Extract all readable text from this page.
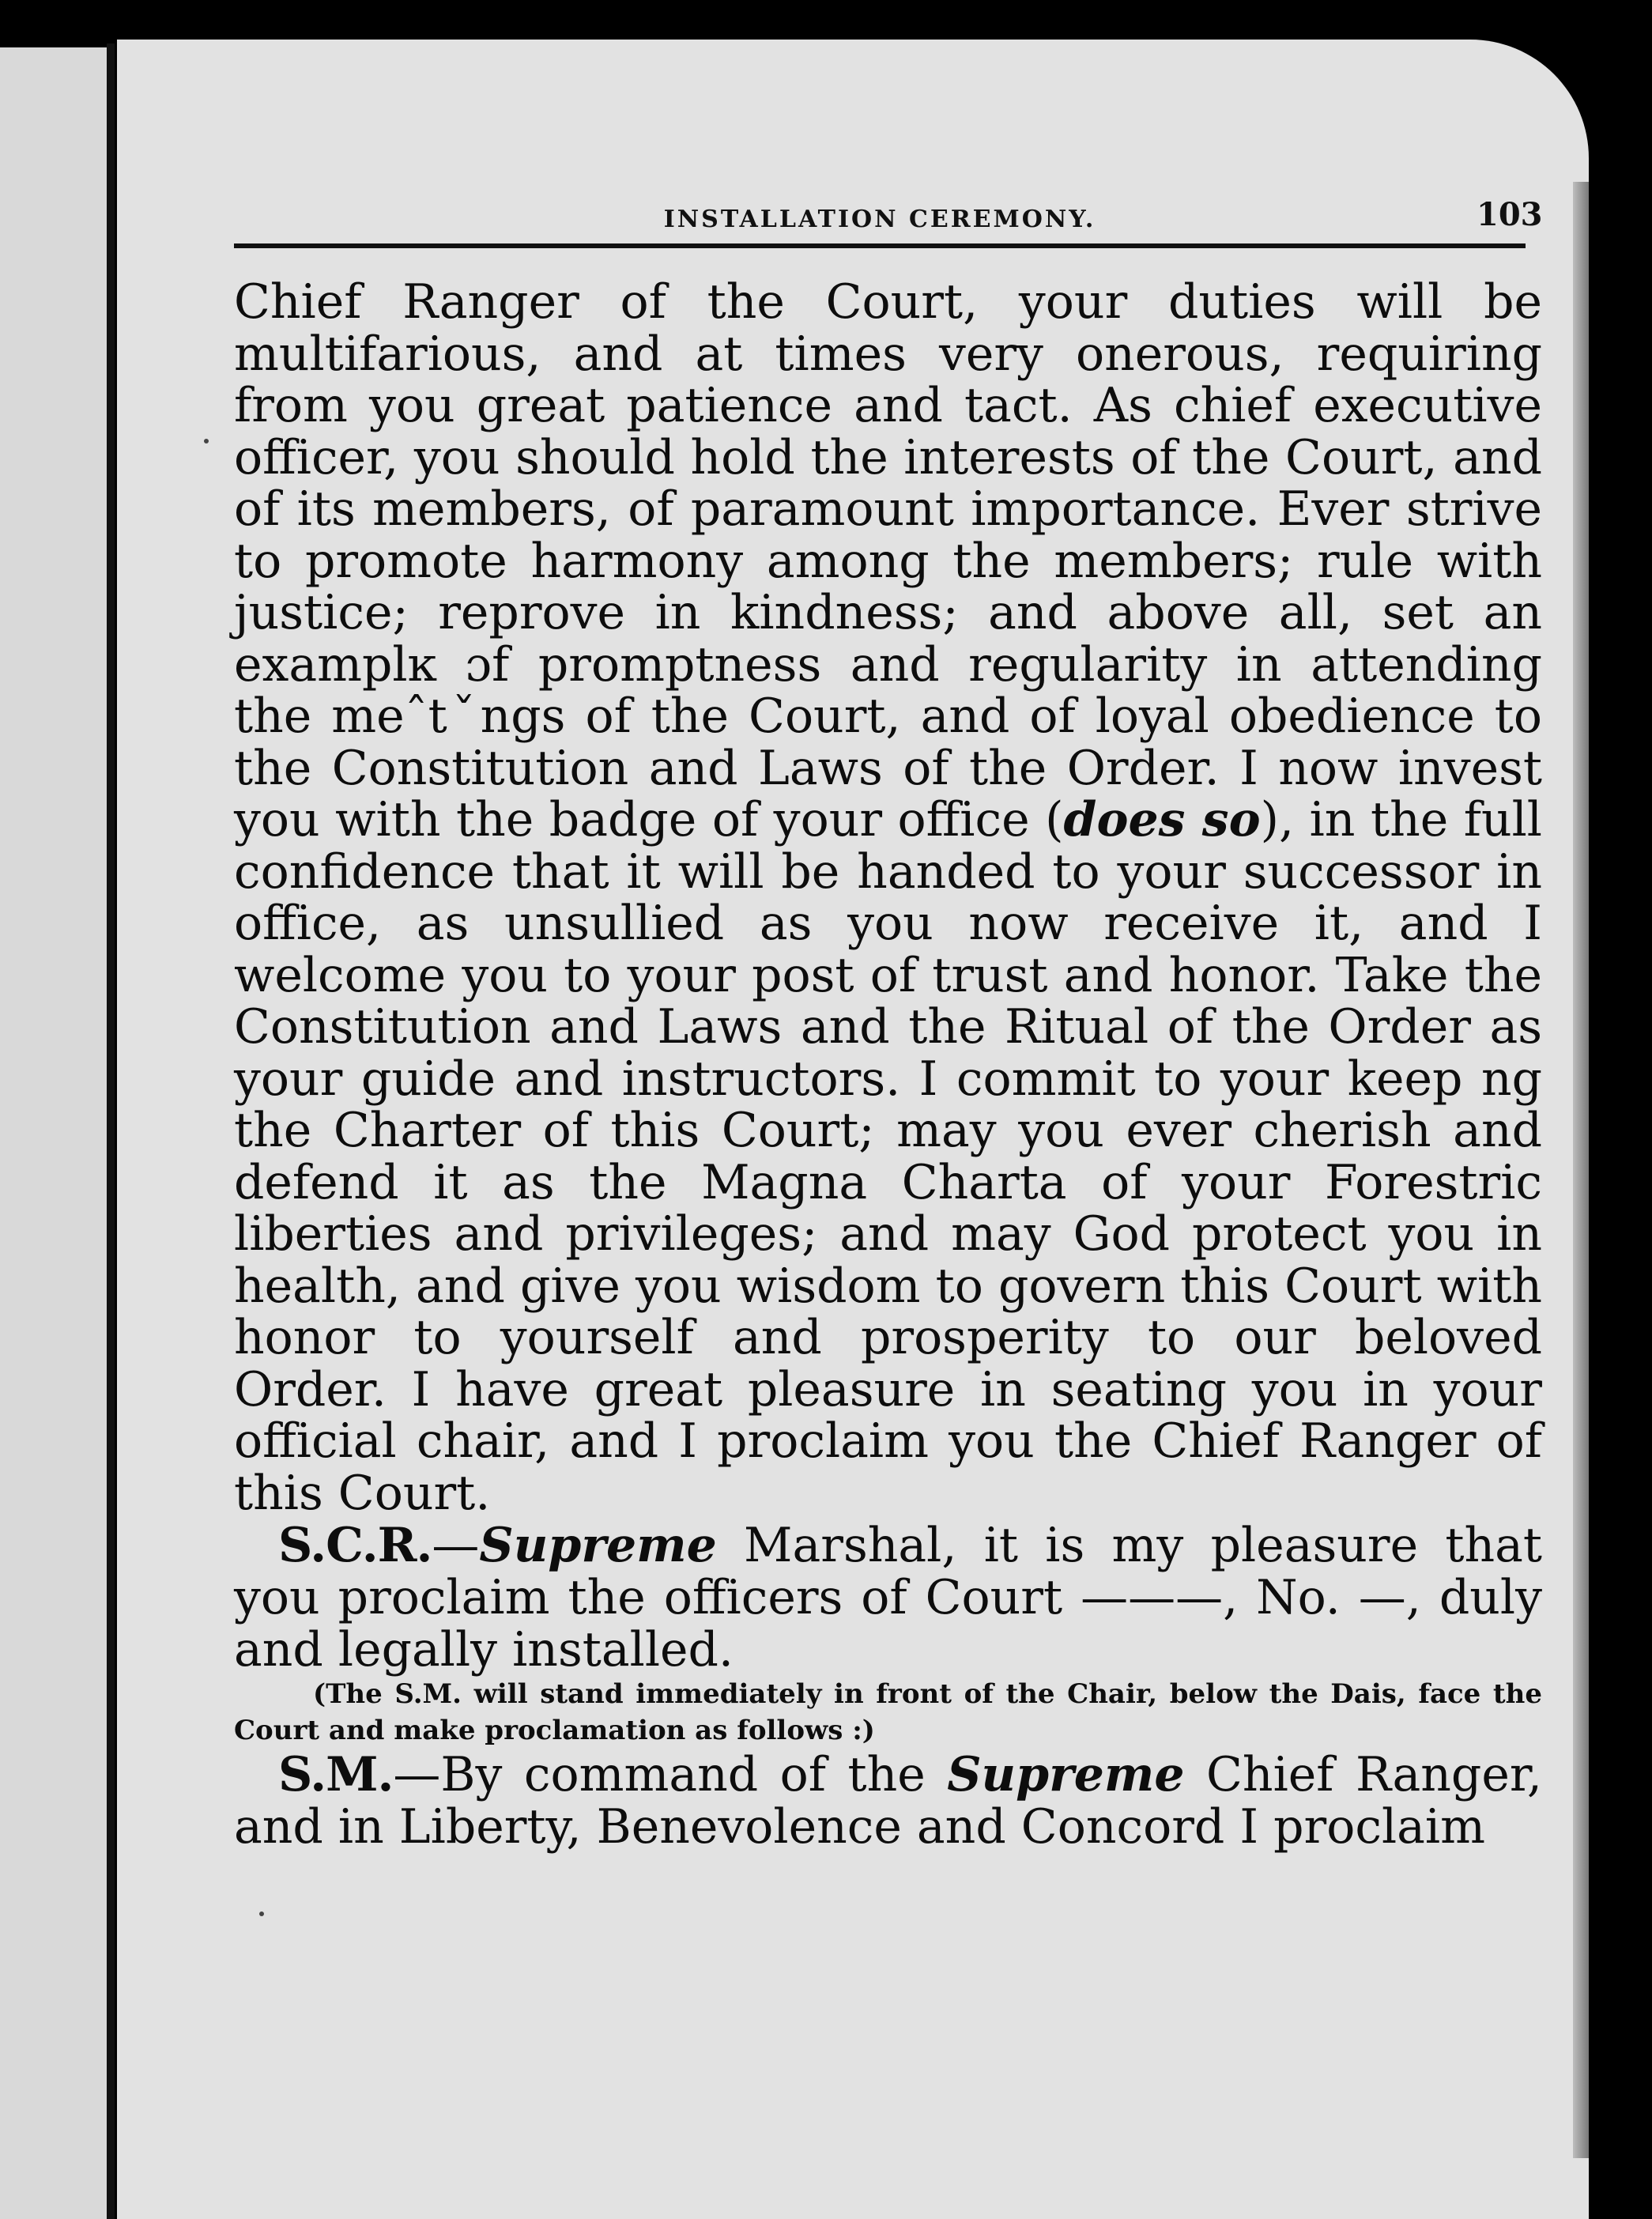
INSTALLATION CEREMONY.	103

Chief Ranger of the Court, your duties will be multifarious, and at times very onerous, requiring from you great patience and tact. As chief executive officer, you should hold the interests of the Court, and of its members, of paramount importance. Ever strive to promote harmony among the members; rule with justice; reprove in kindness; and above all, set an examplĸ ɔf promptness and regularity in attending the meˆtˇngs of the Court, and of loyal obedience to the Constitution and Laws of the Order. I now invest you with the badge of your office (does so), in the full confidence that it will be handed to your successor in office, as unsullied as you now receive it, and I welcome you to your post of trust and honor. Take the Constitution and Laws and the Ritual of the Order as your guide and instructors. I commit to your keep ng the Charter of this Court; may you ever cherish and defend it as the Magna Charta of your Forestric liberties and privileges; and may God protect you in health, and give you wisdom to govern this Court with honor to yourself and prosperity to our beloved Order. I have great pleasure in seating you in your official chair, and I proclaim you the Chief Ranger of this Court.

S.C.R.—Supreme Marshal, it is my pleasure that you proclaim the officers of Court ———, No. —, duly and legally installed.

(The S.M. will stand immediately in front of the Chair, below the Dais, face the Court and make proclamation as follows :)

S.M.—By command of the Supreme Chief Ranger, and in Liberty, Benevolence and Concord I proclaim
